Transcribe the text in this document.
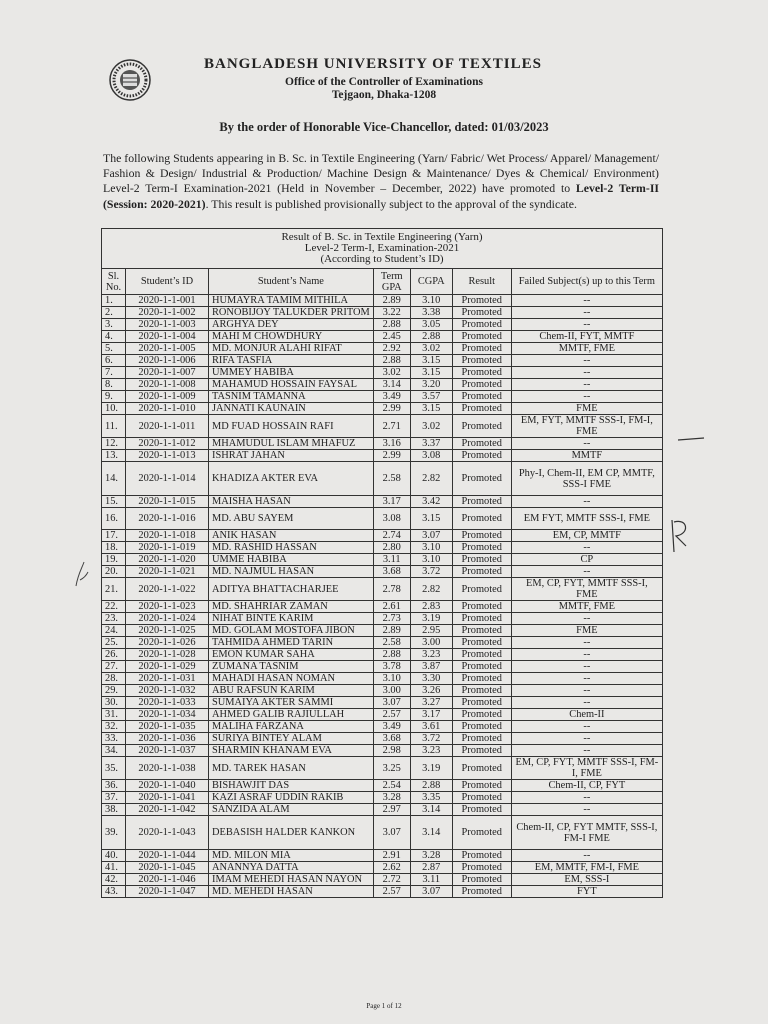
BANGLADESH UNIVERSITY OF TEXTILES
Office of the Controller of Examinations
Tejgaon, Dhaka-1208
By the order of Honorable Vice-Chancellor, dated: 01/03/2023
The following Students appearing in B. Sc. in Textile Engineering (Yarn/ Fabric/ Wet Process/ Apparel/ Management/ Fashion & Design/ Industrial & Production/ Machine Design & Maintenance/ Dyes & Chemical/ Environment) Level-2 Term-I Examination-2021 (Held in November – December, 2022) have promoted to Level-2 Term-II (Session: 2020-2021). This result is published provisionally subject to the approval of the syndicate.
Result of B. Sc. in Textile Engineering (Yarn)
Level-2 Term-I, Examination-2021
(According to Student’s ID)						

Sl. No.	Student’s ID	Student’s Name	Term GPA	CGPA	Result	Failed Subject(s) up to this Term
1.	2020-1-1-001	HUMAYRA TAMIM MITHILA	2.89	3.10	Promoted	--
2.	2020-1-1-002	RONOBIJOY TALUKDER PRITOM	3.22	3.38	Promoted	--
3.	2020-1-1-003	ARGHYA DEY	2.88	3.05	Promoted	--
4.	2020-1-1-004	MAHI M CHOWDHURY	2.45	2.88	Promoted	Chem-II, FYT, MMTF
5.	2020-1-1-005	MD. MONJUR ALAHI RIFAT	2.92	3.02	Promoted	MMTF, FME
6.	2020-1-1-006	RIFA TASFIA	2.88	3.15	Promoted	--
7.	2020-1-1-007	UMMEY HABIBA	3.02	3.15	Promoted	--
8.	2020-1-1-008	MAHAMUD HOSSAIN FAYSAL	3.14	3.20	Promoted	--
9.	2020-1-1-009	TASNIM TAMANNA	3.49	3.57	Promoted	--
10.	2020-1-1-010	JANNATI KAUNAIN	2.99	3.15	Promoted	FME
11.	2020-1-1-011	MD FUAD HOSSAIN RAFI	2.71	3.02	Promoted	EM, FYT, MMTF SSS-I, FM-I, FME
12.	2020-1-1-012	MHAMUDUL ISLAM MHAFUZ	3.16	3.37	Promoted	--
13.	2020-1-1-013	ISHRAT JAHAN	2.99	3.08	Promoted	MMTF
14.	2020-1-1-014	KHADIZA AKTER EVA	2.58	2.82	Promoted	Phy-I, Chem-II, EM CP, MMTF, SSS-I FME
15.	2020-1-1-015	MAISHA HASAN	3.17	3.42	Promoted	--
16.	2020-1-1-016	MD. ABU SAYEM	3.08	3.15	Promoted	EM FYT, MMTF SSS-I, FME
17.	2020-1-1-018	ANIK HASAN	2.74	3.07	Promoted	EM, CP, MMTF
18.	2020-1-1-019	MD. RASHID HASSAN	2.80	3.10	Promoted	--
19.	2020-1-1-020	UMME HABIBA	3.11	3.10	Promoted	CP
20.	2020-1-1-021	MD. NAJMUL HASAN	3.68	3.72	Promoted	--
21.	2020-1-1-022	ADITYA BHATTACHARJEE	2.78	2.82	Promoted	EM, CP, FYT, MMTF SSS-I, FME
22.	2020-1-1-023	MD. SHAHRIAR ZAMAN	2.61	2.83	Promoted	MMTF, FME
23.	2020-1-1-024	NIHAT BINTE KARIM	2.73	3.19	Promoted	--
24.	2020-1-1-025	MD. GOLAM MOSTOFA JIBON	2.89	2.95	Promoted	FME
25.	2020-1-1-026	TAHMIDA AHMED TARIN	2.58	3.00	Promoted	--
26.	2020-1-1-028	EMON KUMAR SAHA	2.88	3.23	Promoted	--
27.	2020-1-1-029	ZUMANA TASNIM	3.78	3.87	Promoted	--
28.	2020-1-1-031	MAHADI HASAN NOMAN	3.10	3.30	Promoted	--
29.	2020-1-1-032	ABU RAFSUN KARIM	3.00	3.26	Promoted	--
30.	2020-1-1-033	SUMAIYA AKTER SAMMI	3.07	3.27	Promoted	--
31.	2020-1-1-034	AHMED GALIB RAJIULLAH	2.57	3.17	Promoted	Chem-II
32.	2020-1-1-035	MALIHA FARZANA	3.49	3.61	Promoted	--
33.	2020-1-1-036	SURIYA BINTEY ALAM	3.68	3.72	Promoted	--
34.	2020-1-1-037	SHARMIN KHANAM EVA	2.98	3.23	Promoted	--
35.	2020-1-1-038	MD. TAREK HASAN	3.25	3.19	Promoted	EM, CP, FYT, MMTF SSS-I, FM-I, FME
36.	2020-1-1-040	BISHAWJIT DAS	2.54	2.88	Promoted	Chem-II, CP, FYT
37.	2020-1-1-041	KAZI ASRAF UDDIN RAKIB	3.28	3.35	Promoted	--
38.	2020-1-1-042	SANZIDA ALAM	2.97	3.14	Promoted	--
39.	2020-1-1-043	DEBASISH HALDER KANKON	3.07	3.14	Promoted	Chem-II, CP, FYT MMTF, SSS-I, FM-I FME
40.	2020-1-1-044	MD. MILON MIA	2.91	3.28	Promoted	--
41.	2020-1-1-045	ANANNYA DATTA	2.62	2.87	Promoted	EM, MMTF, FM-I, FME
42.	2020-1-1-046	IMAM MEHEDI HASAN NAYON	2.72	3.11	Promoted	EM, SSS-I
43.	2020-1-1-047	MD. MEHEDI HASAN	2.57	3.07	Promoted	FYT
Page 1 of 12
